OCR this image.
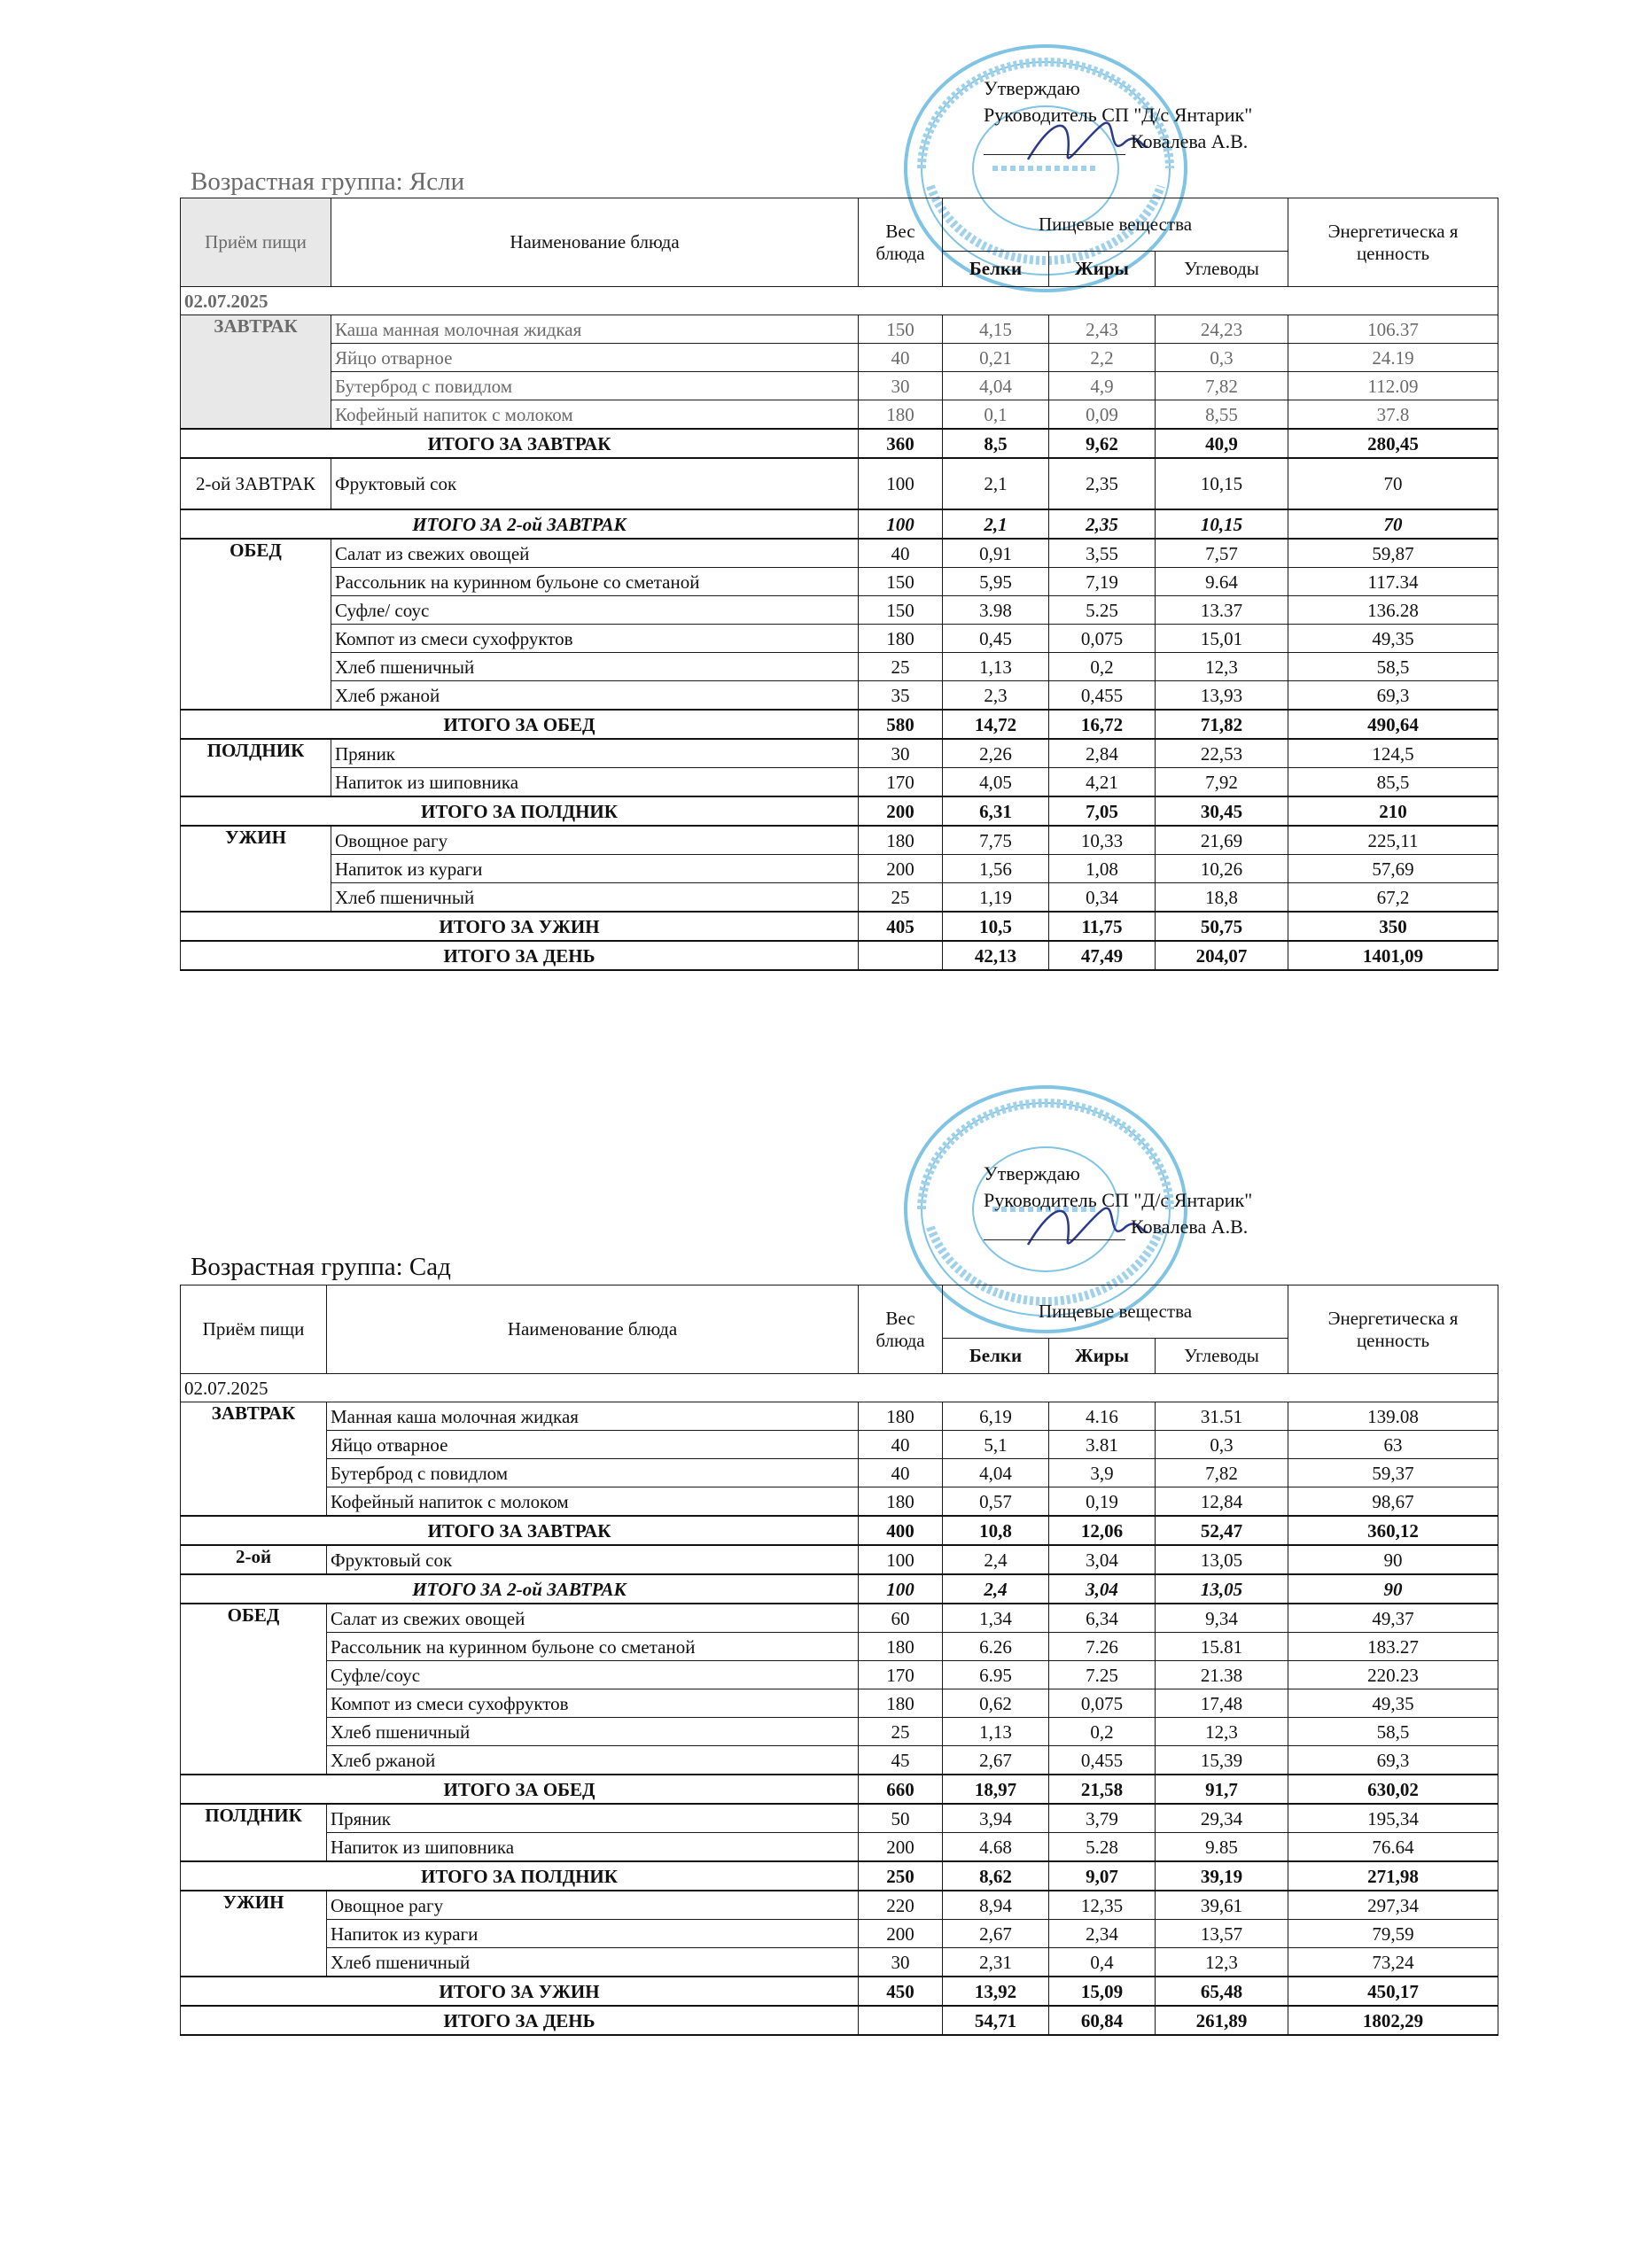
Утверждаю
Руководитель СП "Д/с Янтарик"
Ковалева А.В.
Возрастная группа: Ясли
Приём пищи	Наименование блюда	Вес блюда	Пищевые вещества			Энергетическа я ценность
			Белки	Жиры	Углеводы	
02.07.2025						
ЗАВТРАК	Каша манная молочная жидкая	150	4,15	2,43	24,23	106.37
	Яйцо отварное	40	0,21	2,2	0,3	24.19
	Бутерброд с повидлом	30	4,04	4,9	7,82	112.09
	Кофейный напиток с молоком	180	0,1	0,09	8,55	37.8
ИТОГО ЗА ЗАВТРАК		360	8,5	9,62	40,9	280,45
2-ой ЗАВТРАК	Фруктовый сок	100	2,1	2,35	10,15	70
ИТОГО ЗА 2-ой ЗАВТРАК		100	2,1	2,35	10,15	70
ОБЕД	Салат из свежих овощей	40	0,91	3,55	7,57	59,87
	Рассольник на куринном бульоне со сметаной	150	5,95	7,19	9.64	117.34
	Суфле/ соус	150	3.98	5.25	13.37	136.28
	Компот из смеси сухофруктов	180	0,45	0,075	15,01	49,35
	Хлеб пшеничный	25	1,13	0,2	12,3	58,5
	Хлеб ржаной	35	2,3	0,455	13,93	69,3
ИТОГО ЗА ОБЕД		580	14,72	16,72	71,82	490,64
ПОЛДНИК	Пряник	30	2,26	2,84	22,53	124,5
	Напиток из шиповника	170	4,05	4,21	7,92	85,5
ИТОГО ЗА ПОЛДНИК		200	6,31	7,05	30,45	210
УЖИН	Овощное рагу	180	7,75	10,33	21,69	225,11
	Напиток из кураги	200	1,56	1,08	10,26	57,69
	Хлеб пшеничный	25	1,19	0,34	18,8	67,2
ИТОГО ЗА УЖИН		405	10,5	11,75	50,75	350
ИТОГО ЗА ДЕНЬ			42,13	47,49	204,07	1401,09
Утверждаю
Руководитель СП "Д/с Янтарик"
Ковалева А.В.
Возрастная группа: Сад
Приём пищи	Наименование блюда	Вес блюда	Пищевые вещества			Энергетическа я ценность
			Белки	Жиры	Углеводы	
02.07.2025						
ЗАВТРАК	Манная каша молочная жидкая	180	6,19	4.16	31.51	139.08
	Яйцо отварное	40	5,1	3.81	0,3	63
	Бутерброд с повидлом	40	4,04	3,9	7,82	59,37
	Кофейный напиток с молоком	180	0,57	0,19	12,84	98,67
ИТОГО ЗА ЗАВТРАК		400	10,8	12,06	52,47	360,12
2-ой	Фруктовый сок	100	2,4	3,04	13,05	90
ИТОГО ЗА 2-ой ЗАВТРАК		100	2,4	3,04	13,05	90
ОБЕД	Салат из свежих овощей	60	1,34	6,34	9,34	49,37
	Рассольник на куринном бульоне со сметаной	180	6.26	7.26	15.81	183.27
	Суфле/соус	170	6.95	7.25	21.38	220.23
	Компот из смеси сухофруктов	180	0,62	0,075	17,48	49,35
	Хлеб пшеничный	25	1,13	0,2	12,3	58,5
	Хлеб ржаной	45	2,67	0,455	15,39	69,3
ИТОГО ЗА ОБЕД		660	18,97	21,58	91,7	630,02
ПОЛДНИК	Пряник	50	3,94	3,79	29,34	195,34
	Напиток из шиповника	200	4.68	5.28	9.85	76.64
ИТОГО ЗА ПОЛДНИК		250	8,62	9,07	39,19	271,98
УЖИН	Овощное рагу	220	8,94	12,35	39,61	297,34
	Напиток из кураги	200	2,67	2,34	13,57	79,59
	Хлеб пшеничный	30	2,31	0,4	12,3	73,24
ИТОГО ЗА УЖИН		450	13,92	15,09	65,48	450,17
ИТОГО ЗА ДЕНЬ			54,71	60,84	261,89	1802,29
